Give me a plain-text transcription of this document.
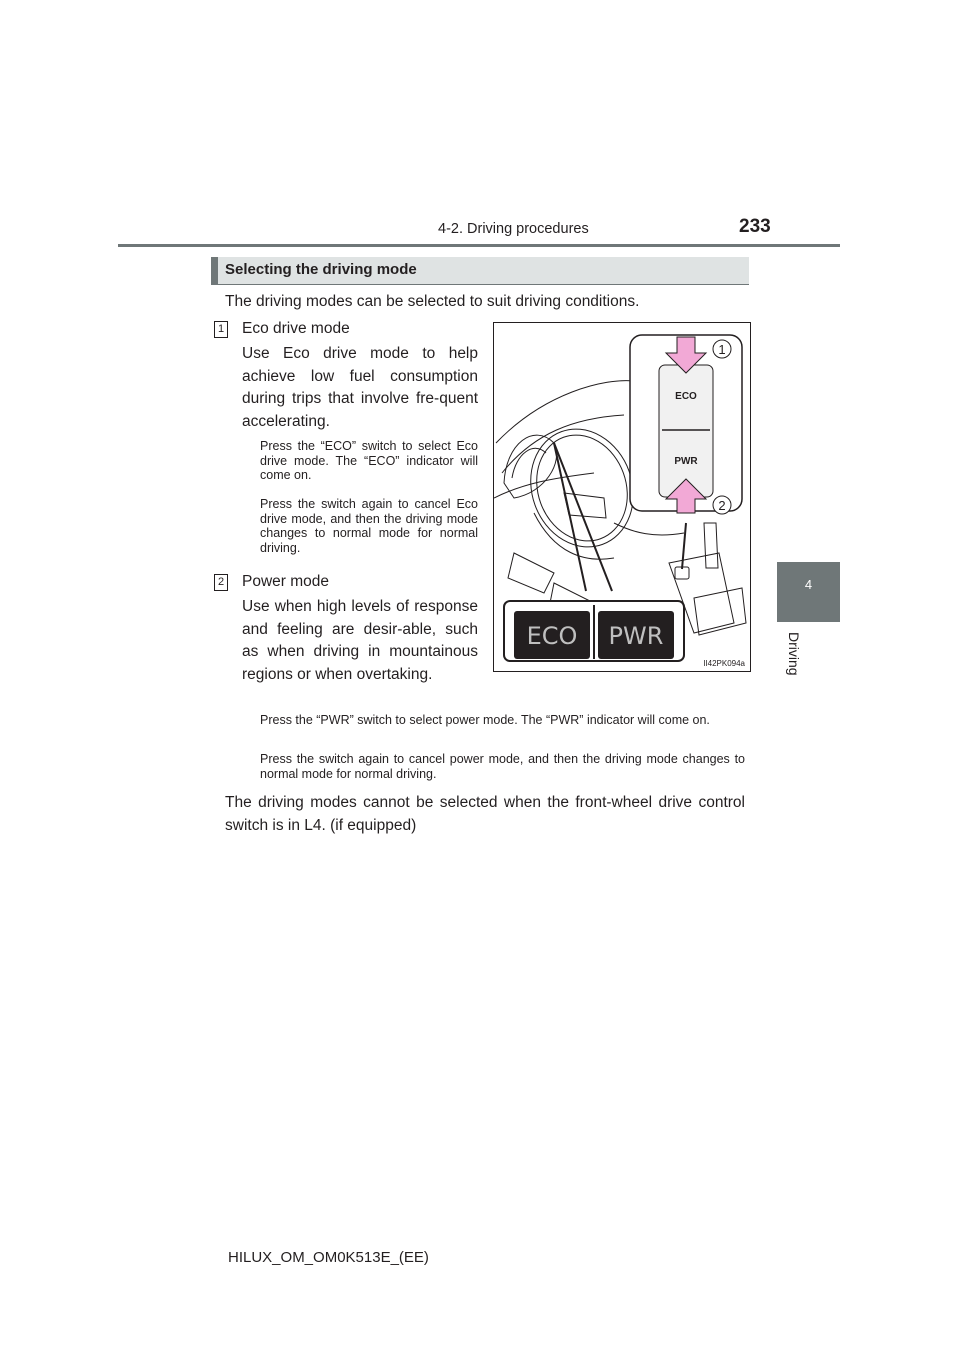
4-2. Driving procedures	233
4
Driving
Selecting the driving mode
The driving modes can be selected to suit driving conditions.
1 Eco drive mode
Use Eco drive mode to help achieve low fuel consumption during trips that involve fre-quent accelerating.
Press the “ECO” switch to select Eco drive mode. The “ECO” indicator will come on.
Press the switch again to cancel Eco drive mode, and then the driving mode changes to normal mode for normal driving.
2 Power mode
Use when high levels of response and feeling are desir-able, such as when driving in mountainous regions or when overtaking.
Press the “PWR” switch to select power mode. The “PWR” indicator will come on.
Press the switch again to cancel power mode, and then the driving mode changes to normal mode for normal driving.
The driving modes cannot be selected when the front-wheel drive control switch is in L4. (if equipped)
ECO
PWR
1
2
ECO PWR
II42PK094a
HILUX_OM_OM0K513E_(EE)
